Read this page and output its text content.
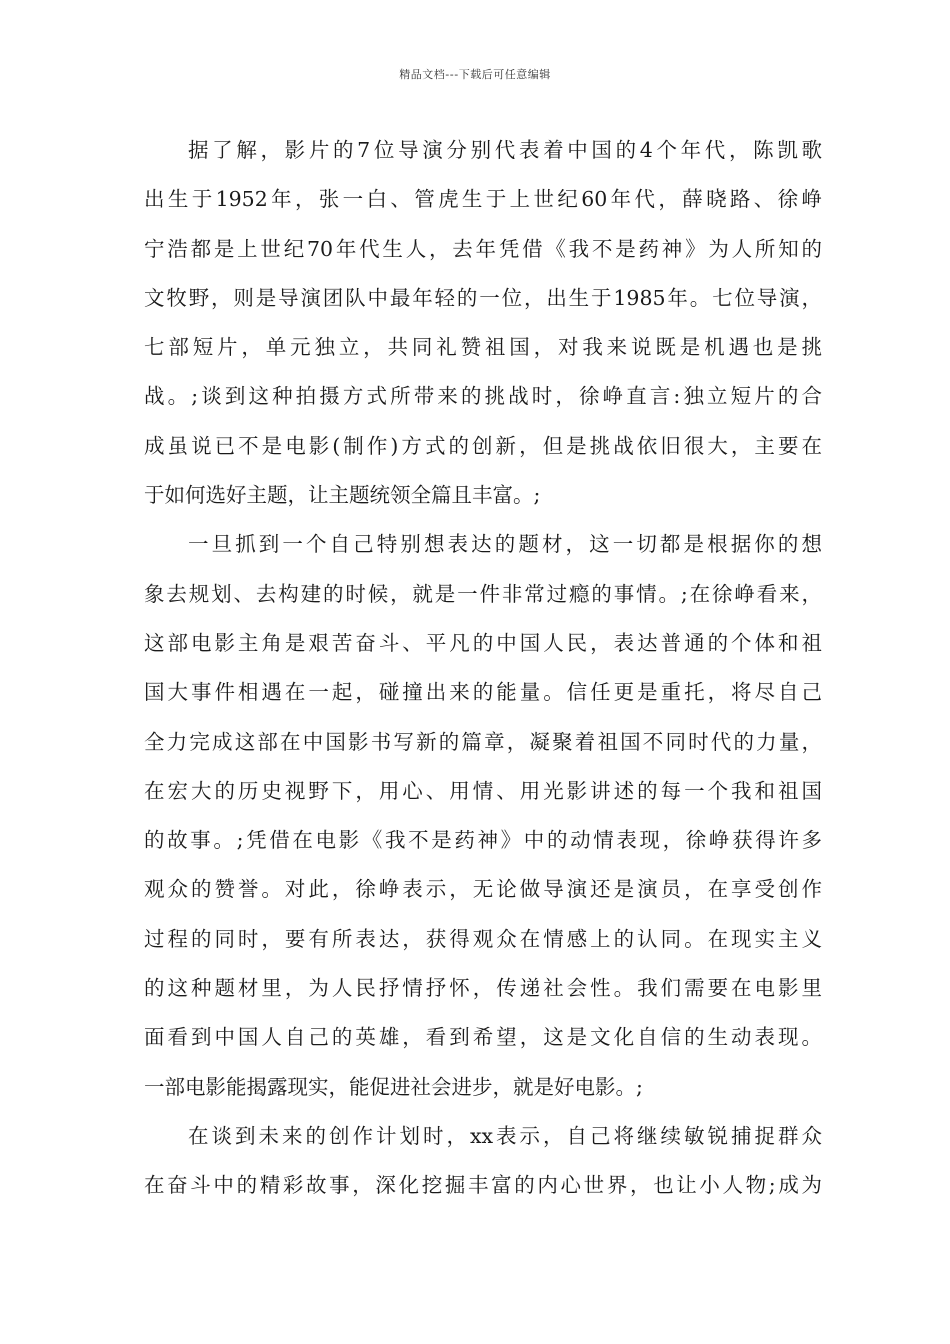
精品文档---下载后可任意编辑
据了解，影片的7位导演分别代表着中国的4个年代，陈凯歌
出生于1952年，张一白、管虎生于上世纪60年代，薛晓路、徐峥
宁浩都是上世纪70年代生人，去年凭借《我不是药神》为人所知的
文牧野，则是导演团队中最年轻的一位，出生于1985年。七位导演，
七部短片，单元独立，共同礼赞祖国，对我来说既是机遇也是挑
战。;谈到这种拍摄方式所带来的挑战时，徐峥直言:独立短片的合
成虽说已不是电影(制作)方式的创新，但是挑战依旧很大，主要在
于如何选好主题，让主题统领全篇且丰富。;
一旦抓到一个自己特别想表达的题材，这一切都是根据你的想
象去规划、去构建的时候，就是一件非常过瘾的事情。;在徐峥看来，
这部电影主角是艰苦奋斗、平凡的中国人民，表达普通的个体和祖
国大事件相遇在一起，碰撞出来的能量。信任更是重托，将尽自己
全力完成这部在中国影书写新的篇章，凝聚着祖国不同时代的力量，
在宏大的历史视野下，用心、用情、用光影讲述的每一个我和祖国
的故事。;凭借在电影《我不是药神》中的动情表现，徐峥获得许多
观众的赞誉。对此，徐峥表示，无论做导演还是演员，在享受创作
过程的同时，要有所表达，获得观众在情感上的认同。在现实主义
的这种题材里，为人民抒情抒怀，传递社会性。我们需要在电影里
面看到中国人自己的英雄，看到希望，这是文化自信的生动表现。
一部电影能揭露现实，能促进社会进步，就是好电影。;
在谈到未来的创作计划时，xx表示，自己将继续敏锐捕捉群众
在奋斗中的精彩故事，深化挖掘丰富的内心世界，也让小人物;成为
